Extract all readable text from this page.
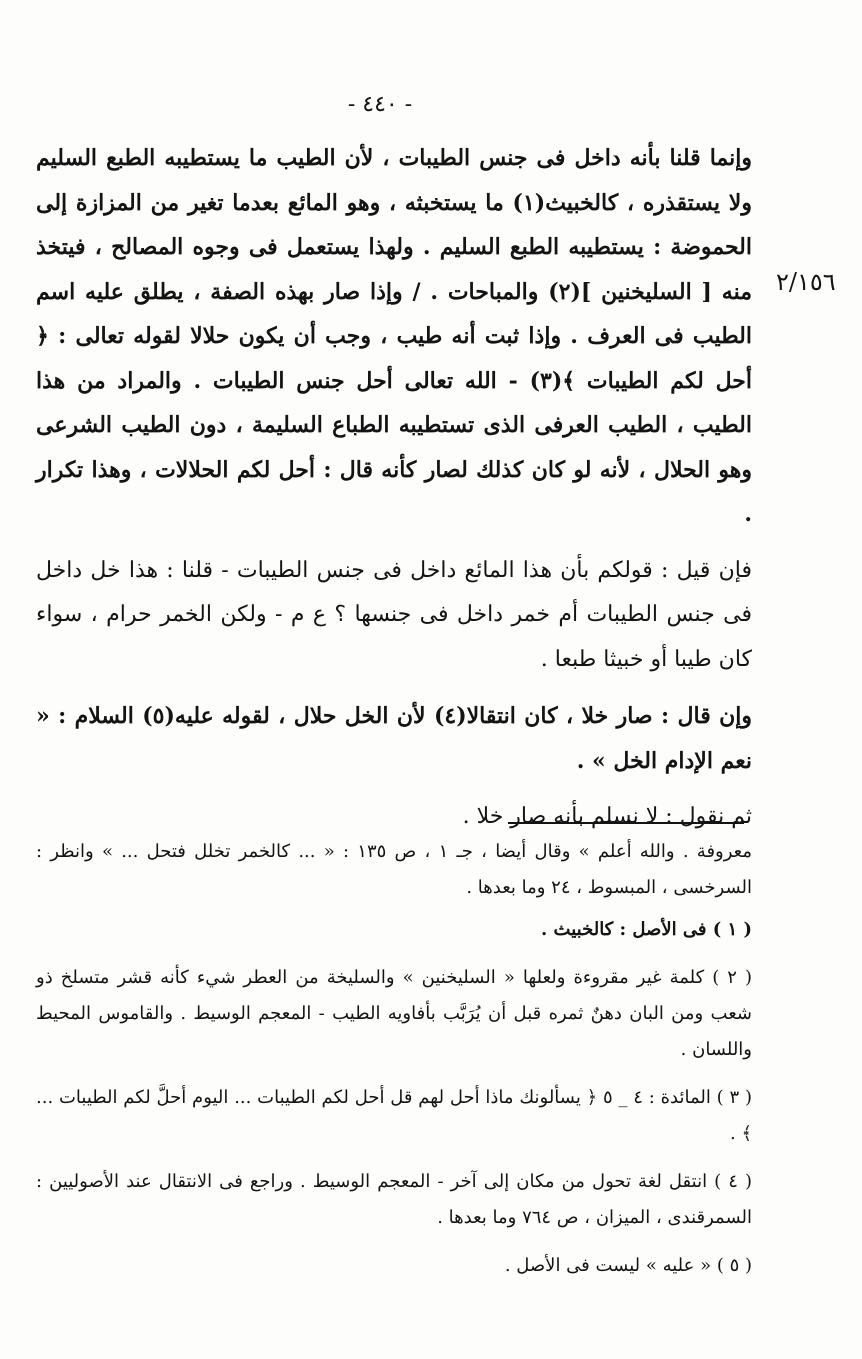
- ٤٤٠ -
٢/١٥٦

وإنما قلنا بأنه داخل فى جنس الطيبات ، لأن الطيب ما يستطيبه الطبع السليم ولا يستقذره ، كالخبيث(١) ما يستخبثه ، وهو المائع بعدما تغير من المزازة إلى الحموضة : يستطيبه الطبع السليم . ولهذا يستعمل فى وجوه المصالح ، فيتخذ منه [ السليخنين ](٢) والمباحات . / وإذا صار بهذه الصفة ، يطلق عليه اسم الطيب فى العرف . وإذا ثبت أنه طيب ، وجب أن يكون حلالا لقوله تعالى : ﴿ أحل لكم الطيبات ﴾(٣) - الله تعالى أحل جنس الطيبات . والمراد من هذا الطيب ، الطيب العرفى الذى تستطيبه الطباع السليمة ، دون الطيب الشرعى وهو الحلال ، لأنه لو كان كذلك لصار كأنه قال : أحل لكم الحلالات ، وهذا تكرار .

فإن قيل : قولكم بأن هذا المائع داخل فى جنس الطيبات - قلنا : هذا خل داخل فى جنس الطيبات أم خمر داخل فى جنسها ؟ ع م - ولكن الخمر حرام ، سواء كان طيبا أو خبيثا طبعا .

وإن قال : صار خلا ، كان انتقالا(٤) لأن الخل حلال ، لقوله عليه(٥) السلام : « نعم الإدام الخل » .

ثم نقول : لا نسلم بأنه صار خلا .

معروفة . والله أعلم » وقال أيضا ، جـ ١ ، ص ١٣٥ : « ... كالخمر تخلل فتحل ... » وانظر : السرخسى ، المبسوط ، ٢٤ وما بعدها .

( ١ ) فى الأصل : كالخبيث .

( ٢ ) كلمة غير مقروءة ولعلها « السليخنين » والسليخة من العطر شيء كأنه قشر متسلخ ذو شعب ومن البان دهنٌ ثمره قبل أن يُرَبَّب بأفاويه الطيب - المعجم الوسيط . والقاموس المحيط واللسان .

( ٣ ) المائدة : ٤ _ ٥ ﴿ يسألونك ماذا أحل لهم قل أحل لكم الطيبات ... اليوم أحلَّ لكم الطيبات ... ﴾ .

( ٤ ) انتقل لغة تحول من مكان إلى آخر - المعجم الوسيط . وراجع فى الانتقال عند الأصوليين : السمرقندى ، الميزان ، ص ٧٦٤ وما بعدها .

( ٥ ) « عليه » ليست فى الأصل .
